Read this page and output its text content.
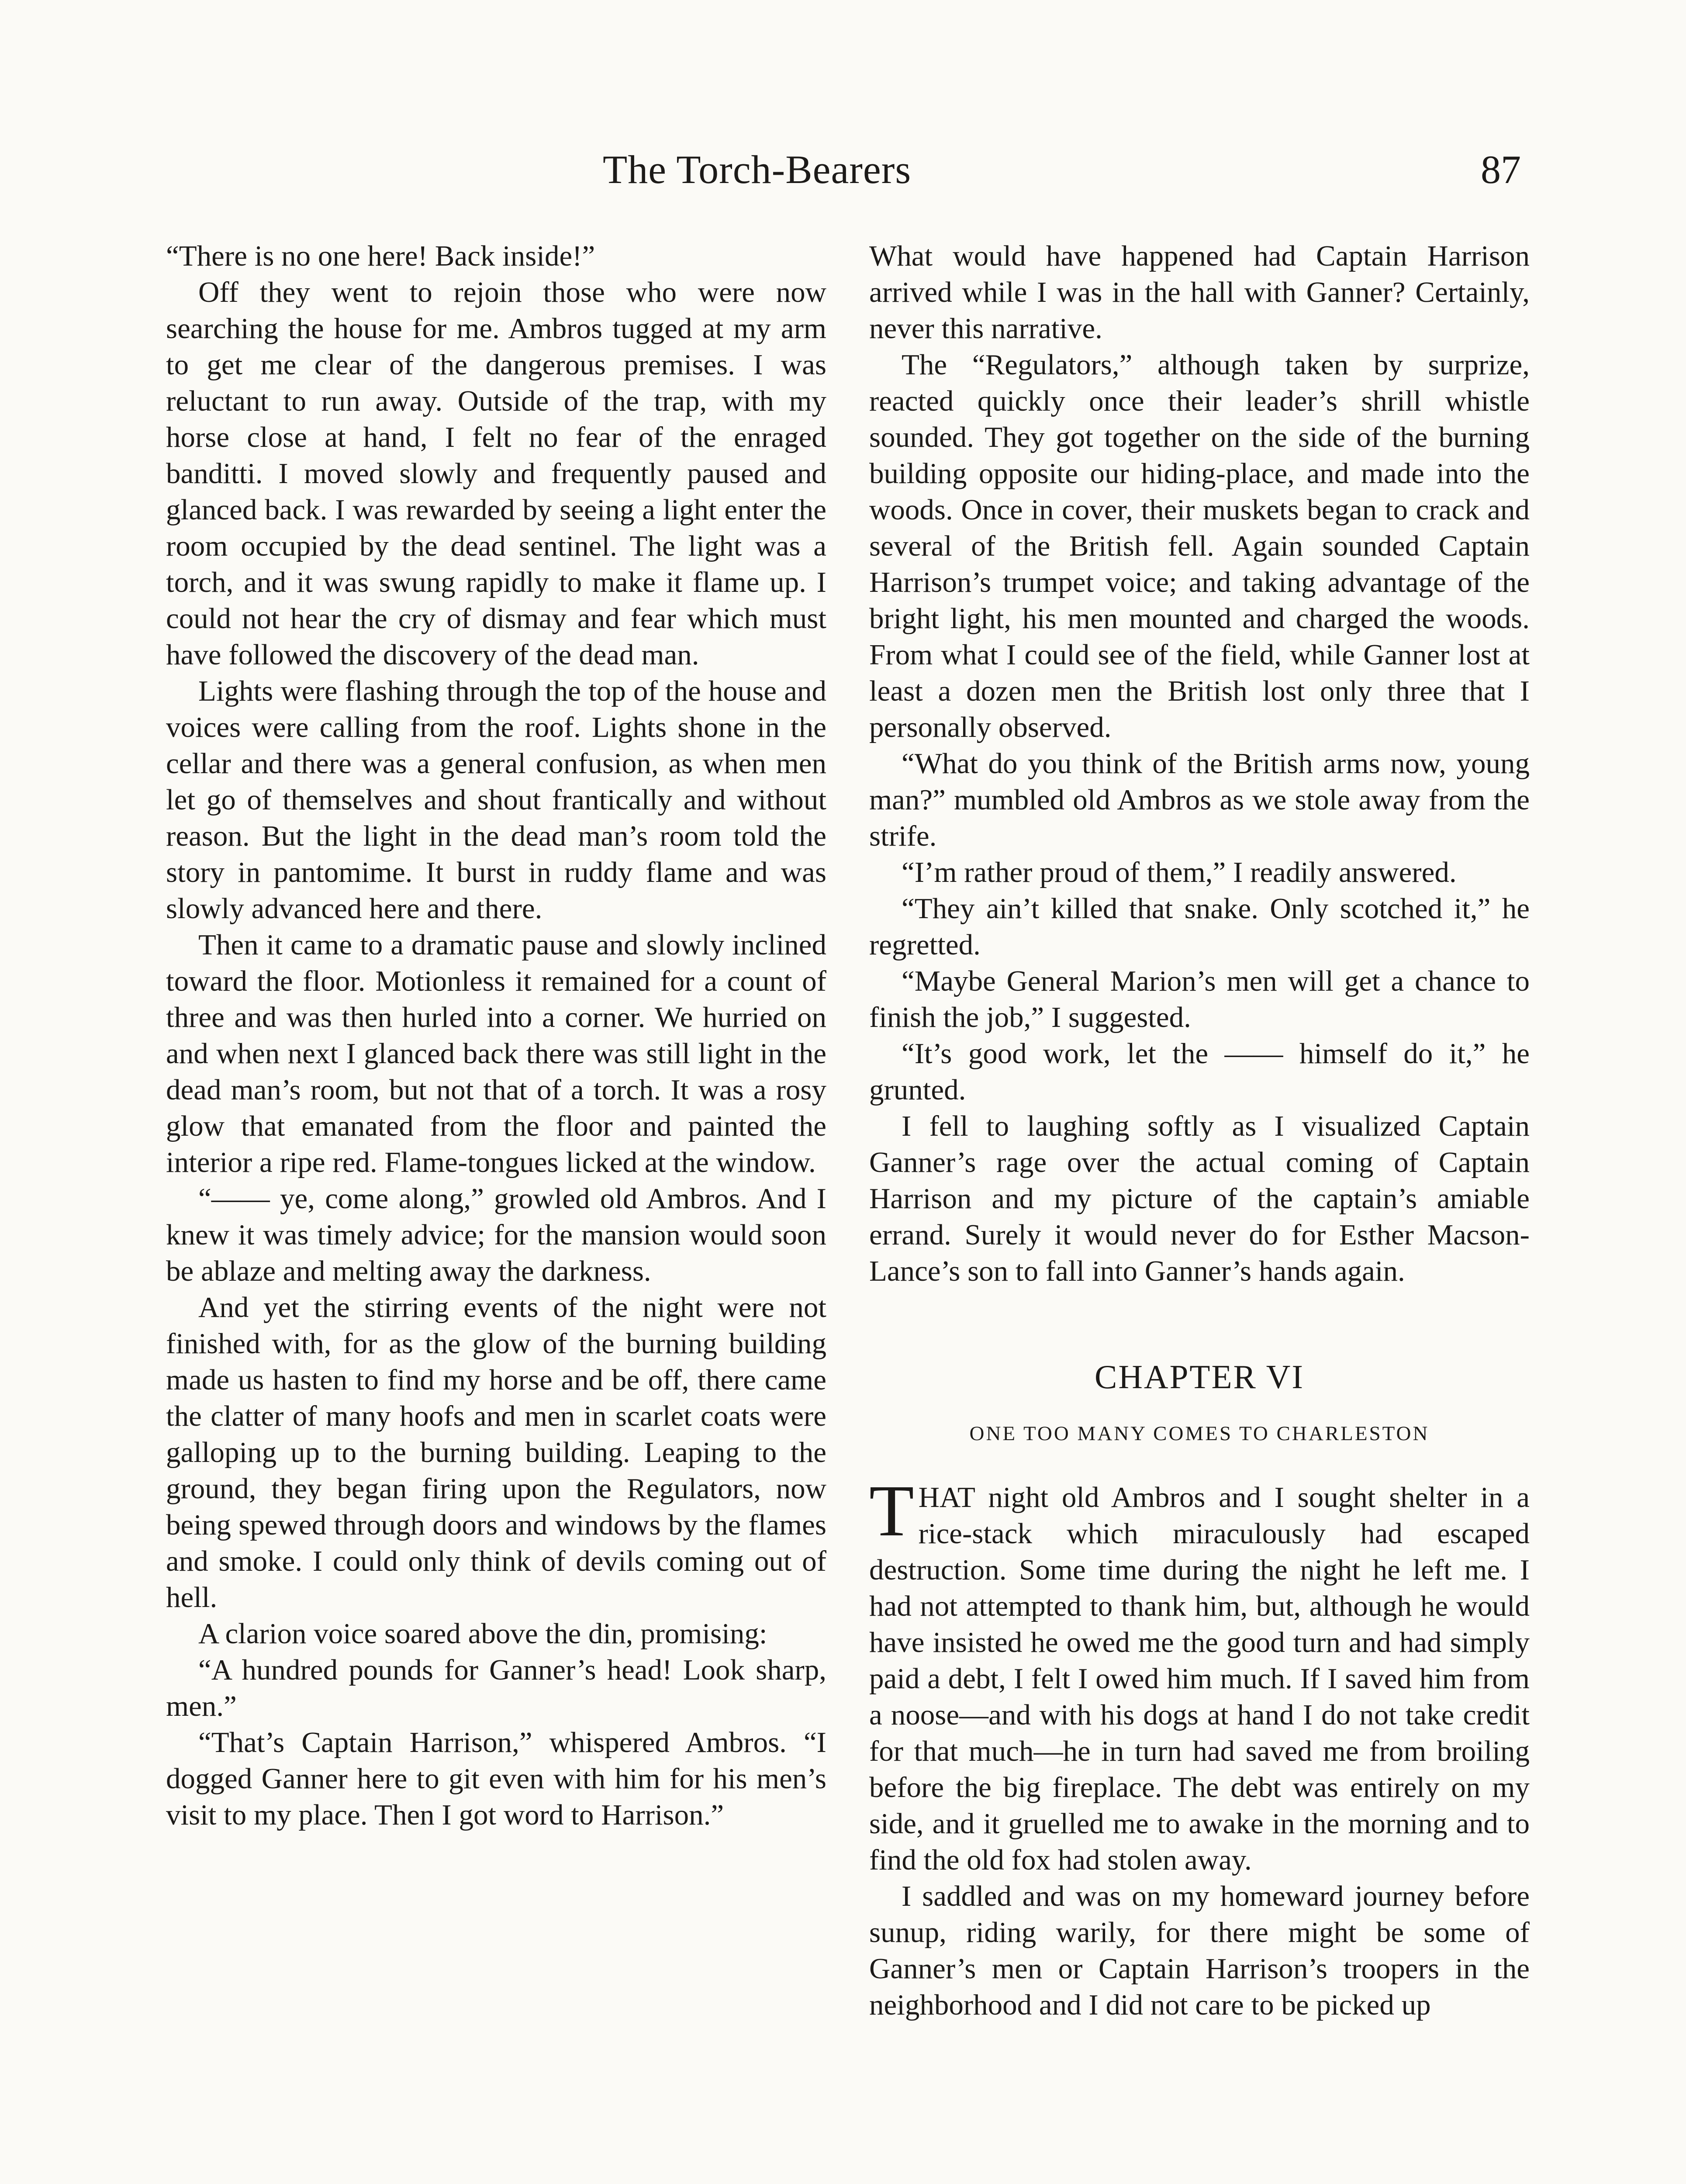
The Torch-Bearers	87

“There is no one here! Back inside!”

Off they went to rejoin those who were now searching the house for me. Ambros tugged at my arm to get me clear of the dangerous premises. I was reluctant to run away. Outside of the trap, with my horse close at hand, I felt no fear of the enraged banditti. I moved slowly and frequently paused and glanced back. I was rewarded by seeing a light enter the room occupied by the dead sentinel. The light was a torch, and it was swung rapidly to make it flame up. I could not hear the cry of dismay and fear which must have followed the discovery of the dead man.

Lights were flashing through the top of the house and voices were calling from the roof. Lights shone in the cellar and there was a general confusion, as when men let go of themselves and shout frantically and without reason. But the light in the dead man’s room told the story in pantomime. It burst in ruddy flame and was slowly advanced here and there.

Then it came to a dramatic pause and slowly inclined toward the floor. Motionless it remained for a count of three and was then hurled into a corner. We hurried on and when next I glanced back there was still light in the dead man’s room, but not that of a torch. It was a rosy glow that emanated from the floor and painted the interior a ripe red. Flame-tongues licked at the window.

“—— ye, come along,” growled old Ambros. And I knew it was timely advice; for the mansion would soon be ablaze and melting away the darkness.

And yet the stirring events of the night were not finished with, for as the glow of the burning building made us hasten to find my horse and be off, there came the clatter of many hoofs and men in scarlet coats were galloping up to the burning building. Leaping to the ground, they began firing upon the Regulators, now being spewed through doors and windows by the flames and smoke. I could only think of devils coming out of hell.

A clarion voice soared above the din, promising:

“A hundred pounds for Ganner’s head! Look sharp, men.”

“That’s Captain Harrison,” whispered Ambros. “I dogged Ganner here to git even with him for his men’s visit to my place. Then I got word to Harrison.”

What would have happened had Captain Harrison arrived while I was in the hall with Ganner? Certainly, never this narrative.

The “Regulators,” although taken by surprize, reacted quickly once their leader’s shrill whistle sounded. They got together on the side of the burning building opposite our hiding-place, and made into the woods. Once in cover, their muskets began to crack and several of the British fell. Again sounded Captain Harrison’s trumpet voice; and taking advantage of the bright light, his men mounted and charged the woods. From what I could see of the field, while Ganner lost at least a dozen men the British lost only three that I personally observed.

“What do you think of the British arms now, young man?” mumbled old Ambros as we stole away from the strife.

“I’m rather proud of them,” I readily answered.

“They ain’t killed that snake. Only scotched it,” he regretted.

“Maybe General Marion’s men will get a chance to finish the job,” I suggested.

“It’s good work, let the —— himself do it,” he grunted.

I fell to laughing softly as I visualized Captain Ganner’s rage over the actual coming of Captain Harrison and my picture of the captain’s amiable errand. Surely it would never do for Esther Macson-Lance’s son to fall into Ganner’s hands again.

CHAPTER VI
ONE TOO MANY COMES TO CHARLESTON

THAT night old Ambros and I sought shelter in a rice-stack which miraculously had escaped destruction. Some time during the night he left me. I had not attempted to thank him, but, although he would have insisted he owed me the good turn and had simply paid a debt, I felt I owed him much. If I saved him from a noose—and with his dogs at hand I do not take credit for that much—he in turn had saved me from broiling before the big fireplace. The debt was entirely on my side, and it gruelled me to awake in the morning and to find the old fox had stolen away.

I saddled and was on my homeward journey before sunup, riding warily, for there might be some of Ganner’s men or Captain Harrison’s troopers in the neighborhood and I did not care to be picked up
